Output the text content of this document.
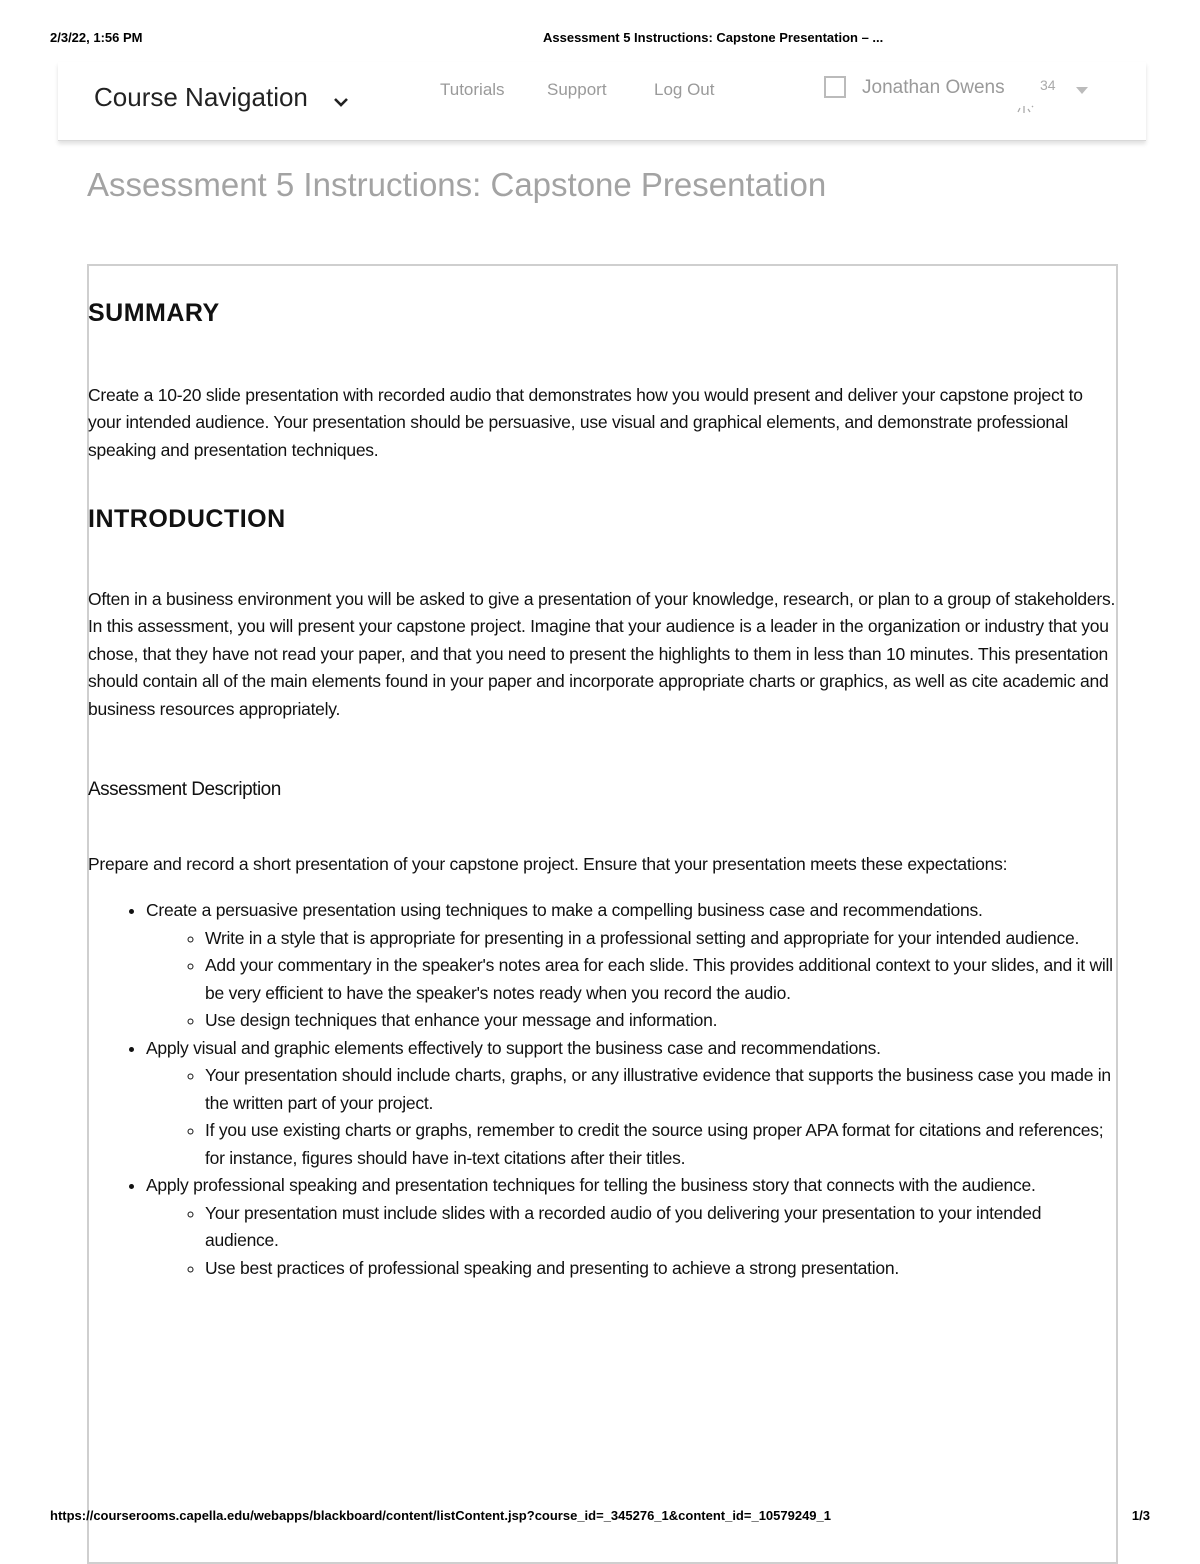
2/3/22, 1:56 PM	Assessment 5 Instructions: Capstone Presentation – ...
Course Navigation	Tutorials Support	Log Out	Jonathan Owens	34
Assessment 5 Instructions: Capstone Presentation
SUMMARY

Create a 10-20 slide presentation with recorded audio that demonstrates how you would present and deliver your capstone project to your intended audience. Your presentation should be persuasive, use visual and graphical elements, and demonstrate professional speaking and presentation techniques.

INTRODUCTION

Often in a business environment you will be asked to give a presentation of your knowledge, research, or plan to a group of stakeholders. In this assessment, you will present your capstone project. Imagine that your audience is a leader in the organization or industry that you chose, that they have not read your paper, and that you need to present the highlights to them in less than 10 minutes. This presentation should contain all of the main elements found in your paper and incorporate appropriate charts or graphics, as well as cite academic and business resources appropriately.

Assessment Description

Prepare and record a short presentation of your capstone project. Ensure that your presentation meets these expectations:

• Create a persuasive presentation using techniques to make a compelling business case and recommendations.
◦ Write in a style that is appropriate for presenting in a professional setting and appropriate for your intended audience.
◦ Add your commentary in the speaker's notes area for each slide. This provides additional context to your slides, and it will be very efficient to have the speaker's notes ready when you record the audio.
◦ Use design techniques that enhance your message and information.
• Apply visual and graphic elements effectively to support the business case and recommendations.
◦ Your presentation should include charts, graphs, or any illustrative evidence that supports the business case you made in the written part of your project.
◦ If you use existing charts or graphs, remember to credit the source using proper APA format for citations and references; for instance, figures should have in-text citations after their titles.
• Apply professional speaking and presentation techniques for telling the business story that connects with the audience.
◦ Your presentation must include slides with a recorded audio of you delivering your presentation to your intended audience.
◦ Use best practices of professional speaking and presenting to achieve a strong presentation.
https://courserooms.capella.edu/webapps/blackboard/content/listContent.jsp?course_id=_345276_1&content_id=_10579249_1	1/3
